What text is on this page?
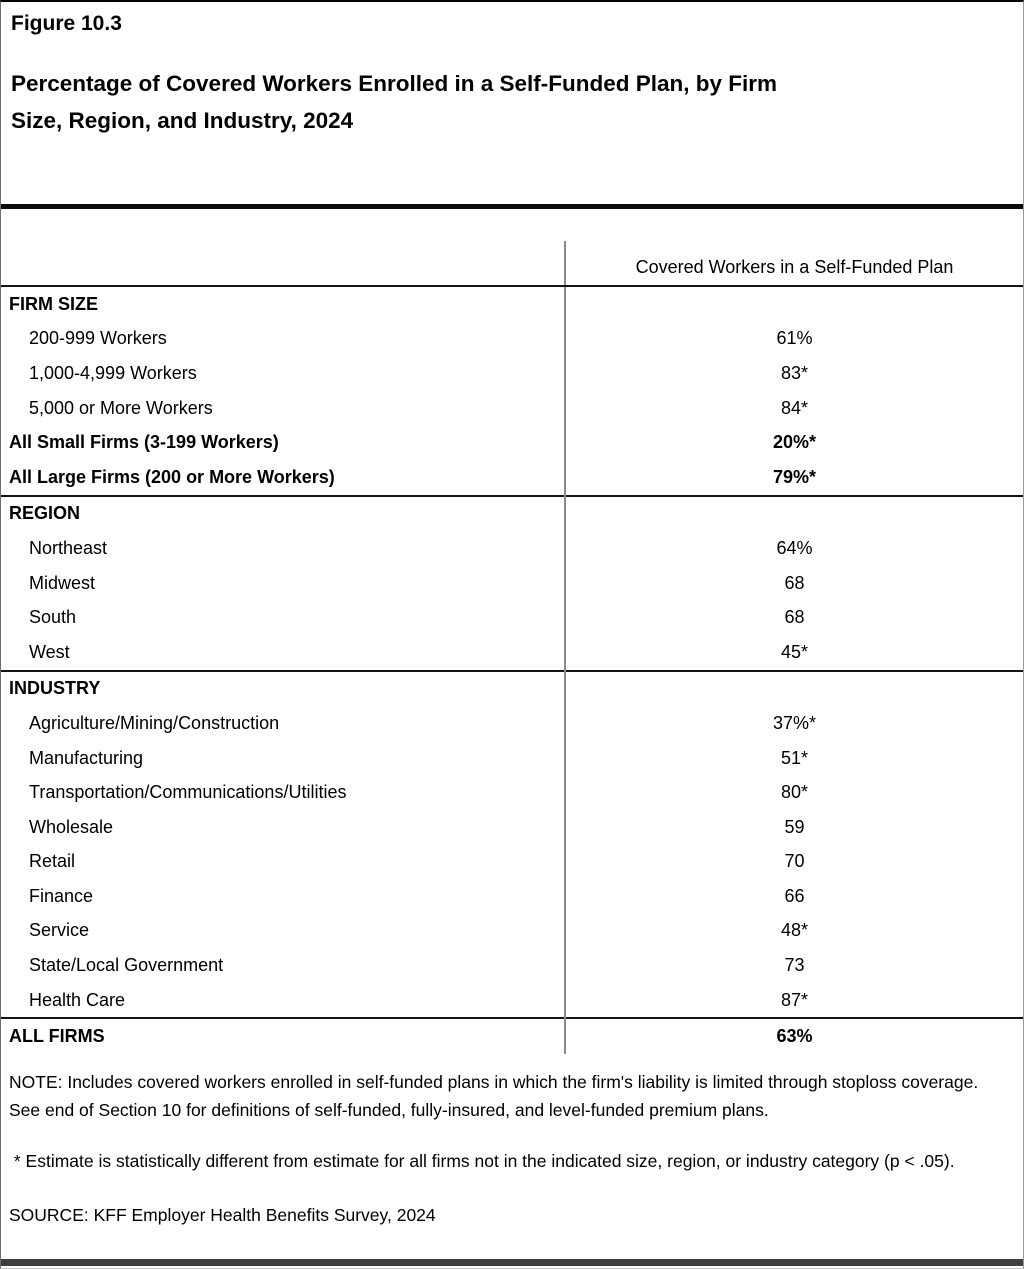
Figure 10.3
Percentage of Covered Workers Enrolled in a Self-Funded Plan, by Firm
Size, Region, and Industry, 2024
	Covered Workers in a Self-Funded Plan
FIRM SIZE	
200-999 Workers	61%
1,000-4,999 Workers	83*
5,000 or More Workers	84*
All Small Firms (3-199 Workers)	20%*
All Large Firms (200 or More Workers)	79%*
REGION	
Northeast	64%
Midwest	68
South	68
West	45*
INDUSTRY	
Agriculture/Mining/Construction	37%*
Manufacturing	51*
Transportation/Communications/Utilities	80*
Wholesale	59
Retail	70
Finance	66
Service	48*
State/Local Government	73
Health Care	87*
ALL FIRMS	63%

NOTE: Includes covered workers enrolled in self-funded plans in which the firm's liability is limited through stoploss coverage. See end of Section 10 for definitions of self-funded, fully-insured, and level-funded premium plans.

* Estimate is statistically different from estimate for all firms not in the indicated size, region, or industry category (p < .05).

SOURCE: KFF Employer Health Benefits Survey, 2024
